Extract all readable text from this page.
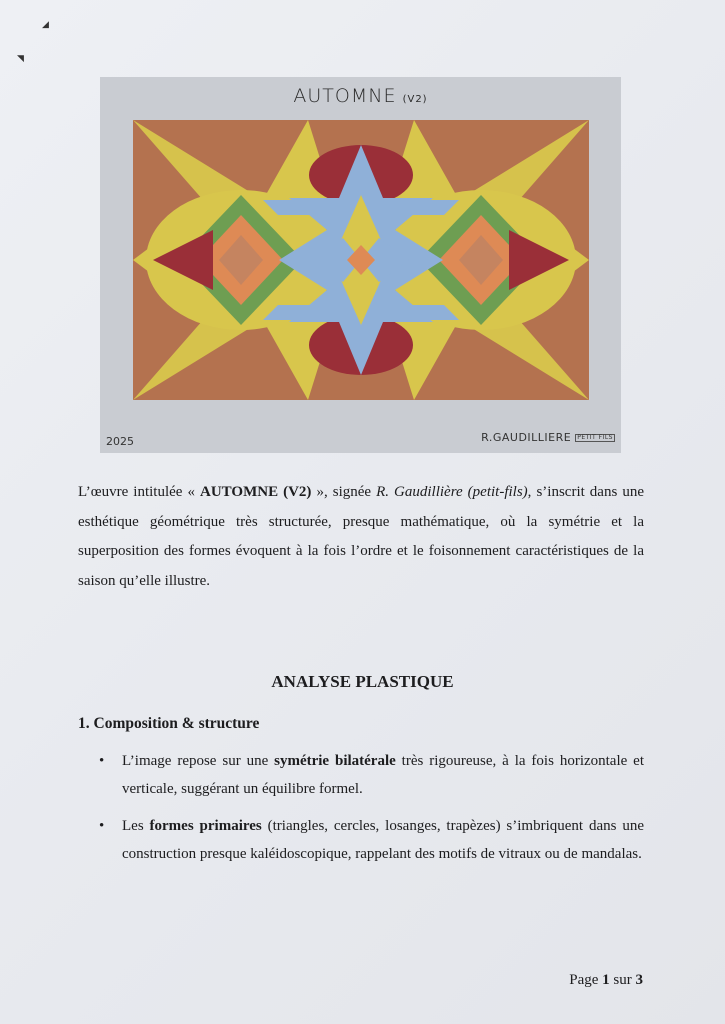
◢
◥
AUTOMNE (V2)
2025	R.GAUDILLIERE PETIT FILS

L’œuvre intitulée « AUTOMNE (V2) », signée R. Gaudillière (petit-fils), s’inscrit dans une esthétique géométrique très structurée, presque mathématique, où la symétrie et la superposition des formes évoquent à la fois l’ordre et le foisonnement caractéristiques de la saison qu’elle illustre.

ANALYSE PLASTIQUE
1. Composition & structure
• L’image repose sur une symétrie bilatérale très rigoureuse, à la fois horizontale et verticale, suggérant un équilibre formel.
• Les formes primaires (triangles, cercles, losanges, trapèzes) s’imbriquent dans une construction presque kaléidoscopique, rappelant des motifs de vitraux ou de mandalas.
Page 1 sur 3
